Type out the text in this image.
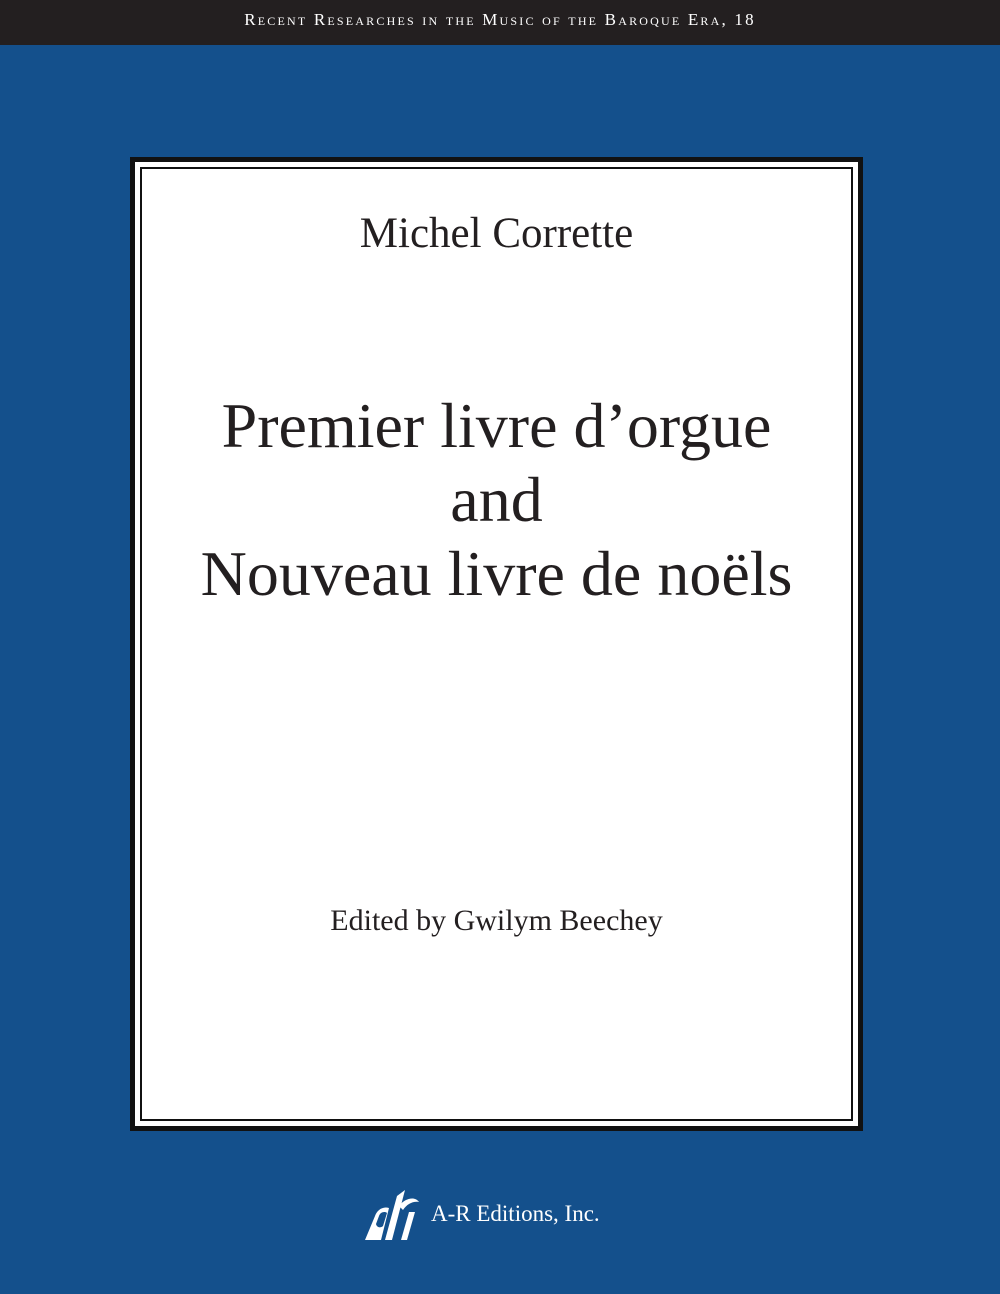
Recent Researches in the Music of the Baroque Era, 18
Michel Corrette
Premier livre d’orgue
and
Nouveau livre de noëls
Edited by Gwilym Beechey
A-R Editions, Inc.
